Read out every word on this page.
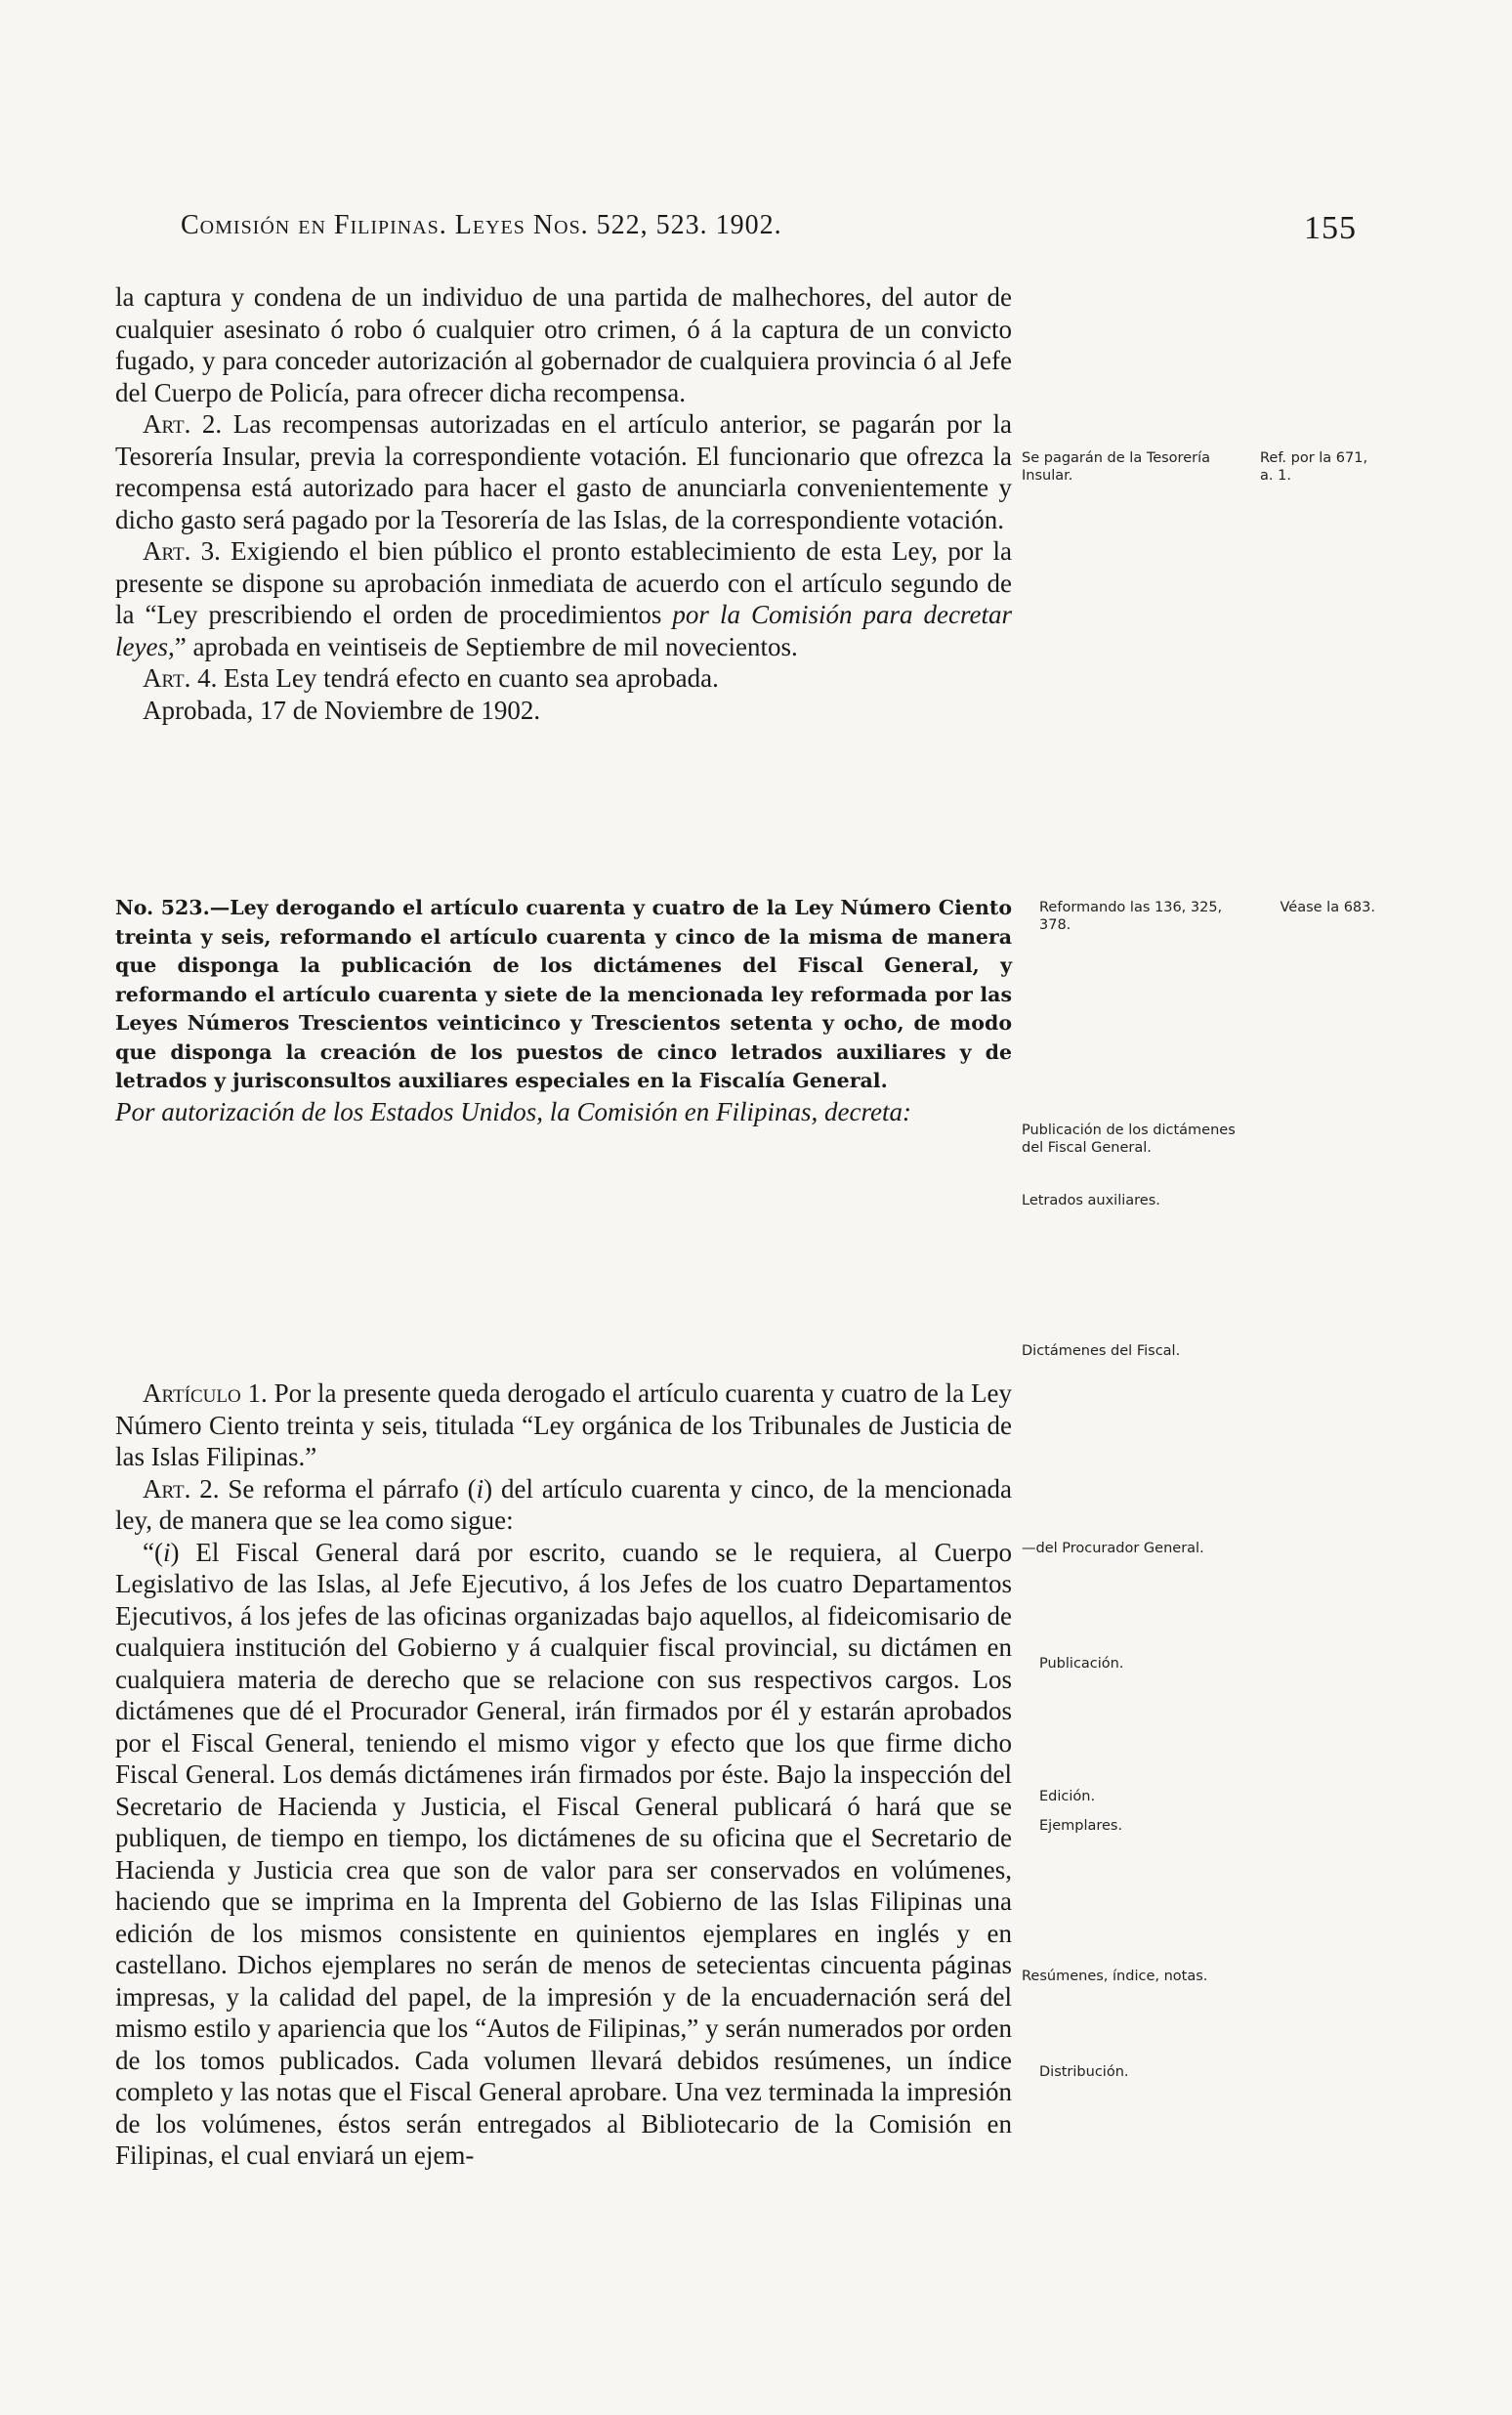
Comisión en Filipinas. Leyes Nos. 522, 523. 1902.	155

la captura y condena de un individuo de una partida de malhechores, del autor de cualquier asesinato ó robo ó cualquier otro crimen, ó á la captura de un convicto fugado, y para conceder autorización al gobernador de cualquiera provincia ó al Jefe del Cuerpo de Policía, para ofrecer dicha recompensa.

Art. 2. Las recompensas autorizadas en el artículo anterior, se pagarán por la Tesorería Insular, previa la correspondiente votación. El funcionario que ofrezca la recompensa está autorizado para hacer el gasto de anunciarla convenientemente y dicho gasto será pagado por la Tesorería de las Islas, de la correspondiente votación.

Art. 3. Exigiendo el bien público el pronto establecimiento de esta Ley, por la presente se dispone su aprobación inmediata de acuerdo con el artículo segundo de la “Ley prescribiendo el orden de procedimientos por la Comisión para decretar leyes,” aprobada en veintiseis de Septiembre de mil novecientos.

Art. 4. Esta Ley tendrá efecto en cuanto sea aprobada.

Aprobada, 17 de Noviembre de 1902.

No. 523.—Ley derogando el artículo cuarenta y cuatro de la Ley Número Ciento treinta y seis, reformando el artículo cuarenta y cinco de la misma de manera que disponga la publicación de los dictámenes del Fiscal General, y reformando el artículo cuarenta y siete de la mencionada ley reformada por las Leyes Números Trescientos veinticinco y Trescientos setenta y ocho, de modo que disponga la creación de los puestos de cinco letrados auxiliares y de letrados y jurisconsultos auxiliares especiales en la Fiscalía General.

Por autorización de los Estados Unidos, la Comisión en Filipinas, decreta:

Artículo 1. Por la presente queda derogado el artículo cuarenta y cuatro de la Ley Número Ciento treinta y seis, titulada “Ley orgánica de los Tribunales de Justicia de las Islas Filipinas.”

Art. 2. Se reforma el párrafo (i) del artículo cuarenta y cinco, de la mencionada ley, de manera que se lea como sigue:

“(i) El Fiscal General dará por escrito, cuando se le requiera, al Cuerpo Legislativo de las Islas, al Jefe Ejecutivo, á los Jefes de los cuatro Departamentos Ejecutivos, á los jefes de las oficinas organizadas bajo aquellos, al fideicomisario de cualquiera institución del Gobierno y á cualquier fiscal provincial, su dictámen en cualquiera materia de derecho que se relacione con sus respectivos cargos. Los dictámenes que dé el Procurador General, irán firmados por él y estarán aprobados por el Fiscal General, teniendo el mismo vigor y efecto que los que firme dicho Fiscal General. Los demás dictámenes irán firmados por éste. Bajo la inspección del Secretario de Hacienda y Justicia, el Fiscal General publicará ó hará que se publiquen, de tiempo en tiempo, los dictámenes de su oficina que el Secretario de Hacienda y Justicia crea que son de valor para ser conservados en volúmenes, haciendo que se imprima en la Imprenta del Gobierno de las Islas Filipinas una edición de los mismos consistente en quinientos ejemplares en inglés y en castellano. Dichos ejemplares no serán de menos de setecientas cincuenta páginas impresas, y la calidad del papel, de la impresión y de la encuadernación será del mismo estilo y apariencia que los “Autos de Filipinas,” y serán numerados por orden de los tomos publicados. Cada volumen llevará debidos resúmenes, un índice completo y las notas que el Fiscal General aprobare. Una vez terminada la impresión de los volúmenes, éstos serán entregados al Bibliotecario de la Comisión en Filipinas, el cual enviará un ejem-

Se pagarán de la Tesorería Insular.
Ref. por la 671, a. 1.
Reformando las 136, 325, 378.
Véase la 683.
Publicación de los dictámenes del Fiscal General.
Letrados auxiliares.
Dictámenes del Fiscal.
—del Procurador General.
Publicación.
Edición.
Ejemplares.
Resúmenes, índice, notas.
Distribución.
